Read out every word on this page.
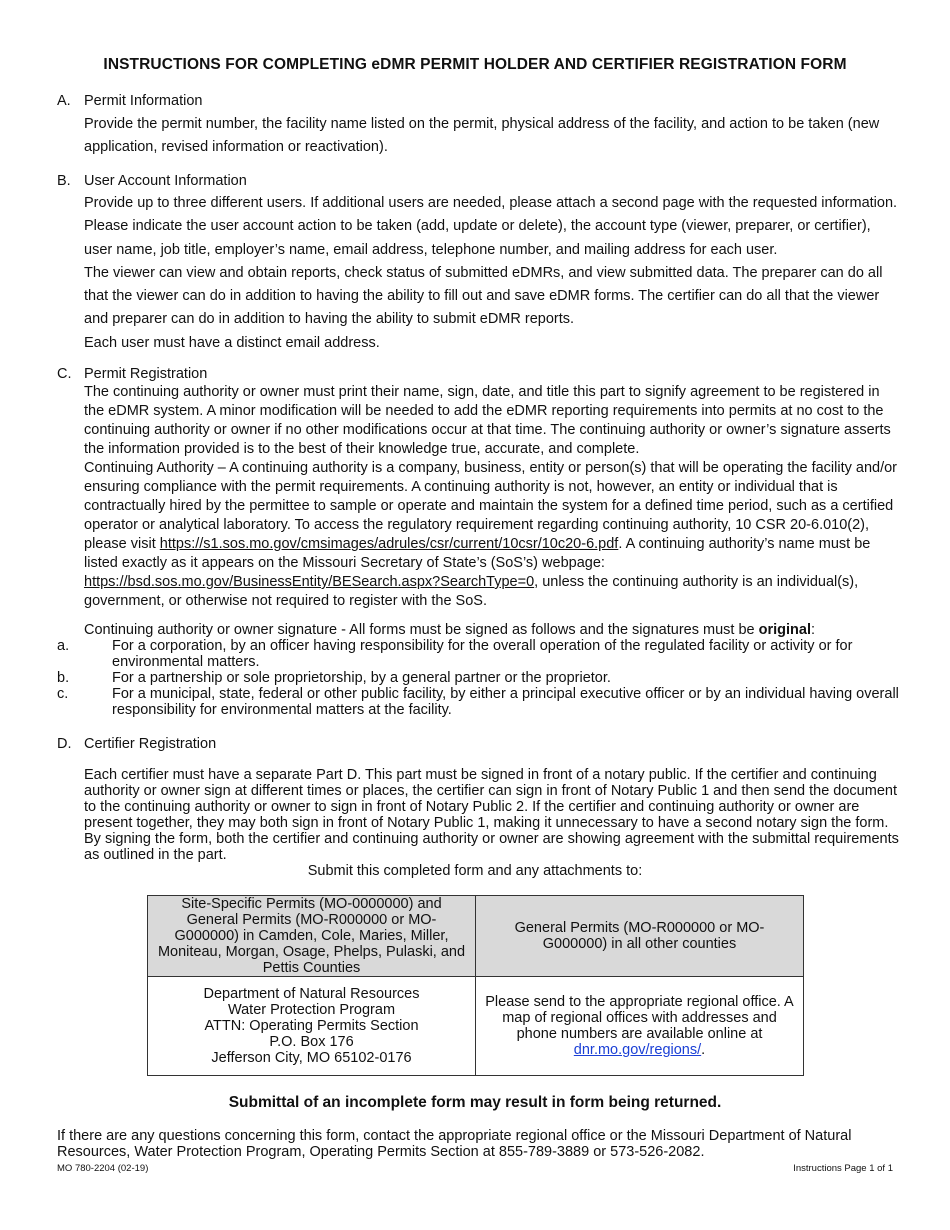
INSTRUCTIONS FOR COMPLETING eDMR PERMIT HOLDER AND CERTIFIER REGISTRATION FORM
A. Permit Information

Provide the permit number, the facility name listed on the permit, physical address of the facility, and action to be taken (new application, revised information or reactivation).

B. User Account Information

Provide up to three different users. If additional users are needed, please attach a second page with the requested information. Please indicate the user account action to be taken (add, update or delete), the account type (viewer, preparer, or certifier), user name, job title, employer’s name, email address, telephone number, and mailing address for each user.

The viewer can view and obtain reports, check status of submitted eDMRs, and view submitted data. The preparer can do all that the viewer can do in addition to having the ability to fill out and save eDMR forms. The certifier can do all that the viewer and preparer can do in addition to having the ability to submit eDMR reports.

Each user must have a distinct email address.

C. Permit Registration

The continuing authority or owner must print their name, sign, date, and title this part to signify agreement to be registered in the eDMR system. A minor modification will be needed to add the eDMR reporting requirements into permits at no cost to the continuing authority or owner if no other modifications occur at that time. The continuing authority or owner’s signature asserts the information provided is to the best of their knowledge true, accurate, and complete.

Continuing Authority – A continuing authority is a company, business, entity or person(s) that will be operating the facility and/or ensuring compliance with the permit requirements. A continuing authority is not, however, an entity or individual that is contractually hired by the permittee to sample or operate and maintain the system for a defined time period, such as a certified operator or analytical laboratory. To access the regulatory requirement regarding continuing authority, 10 CSR 20-6.010(2), please visit https://s1.sos.mo.gov/cmsimages/adrules/csr/current/10csr/10c20-6.pdf. A continuing authority’s name must be listed exactly as it appears on the Missouri Secretary of State’s (SoS’s) webpage: https://bsd.sos.mo.gov/BusinessEntity/BESearch.aspx?SearchType=0, unless the continuing authority is an individual(s), government, or otherwise not required to register with the SoS.

Continuing authority or owner signature - All forms must be signed as follows and the signatures must be original:

a.	For a corporation, by an officer having responsibility for the overall operation of the regulated facility or activity or for environmental matters.
b.	For a partnership or sole proprietorship, by a general partner or the proprietor.
c.	For a municipal, state, federal or other public facility, by either a principal executive officer or by an individual having overall responsibility for environmental matters at the facility.
D. Certifier Registration

Each certifier must have a separate Part D. This part must be signed in front of a notary public. If the certifier and continuing authority or owner sign at different times or places, the certifier can sign in front of Notary Public 1 and then send the document to the continuing authority or owner to sign in front of Notary Public 2. If the certifier and continuing authority or owner are present together, they may both sign in front of Notary Public 1, making it unnecessary to have a second notary sign the form. By signing the form, both the certifier and continuing authority or owner are showing agreement with the submittal requirements as outlined in the part.

Submit this completed form and any attachments to:
Site-Specific Permits (MO-0000000) and General Permits (MO-R000000 or MO-G000000) in Camden, Cole, Maries, Miller, Moniteau, Morgan, Osage, Phelps, Pulaski, and Pettis Counties	General Permits (MO-R000000 or MO-G000000) in all other counties

Department of Natural Resources
Water Protection Program
ATTN: Operating Permits Section
P.O. Box 176
Jefferson City, MO 65102-0176	Please send to the appropriate regional office. A map of regional offices with addresses and phone numbers are available online at dnr.mo.gov/regions/.
Submittal of an incomplete form may result in form being returned.
If there are any questions concerning this form, contact the appropriate regional office or the Missouri Department of Natural Resources, Water Protection Program, Operating Permits Section at 855-789-3889 or 573-526-2082.
MO 780-2204 (02-19)	Instructions Page 1 of 1
